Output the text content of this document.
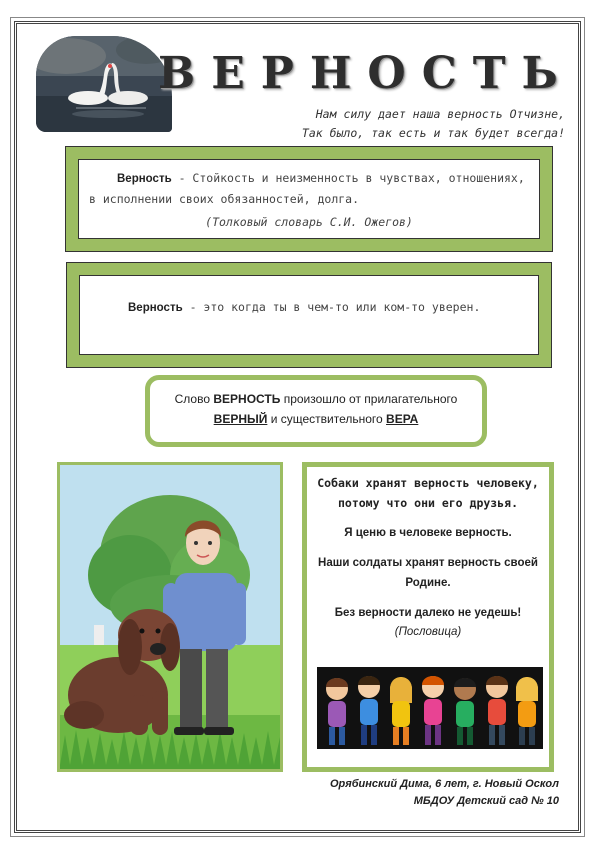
ВЕРНОСТЬ
Нам силу дает наша верность Отчизне,
Так было, так есть и так будет всегда!
Верность - Стойкость и неизменность в чувствах, отношениях, в исполнении своих обязанностей, долга.
(Толковый словарь С.И. Ожегов)
Верность - это когда ты в чем-то или ком-то уверен.
Слово ВЕРНОСТЬ произошло от прилагательного
ВЕРНЫЙ и существительного ВЕРА
Собаки хранят верность человеку, потому что они его друзья.
Я ценю в человеке верность.
Наши солдаты хранят верность своей Родине.
Без верности далеко не уедешь!
(Пословица)
Орябинский Дима, 6 лет, г. Новый Оскол
МБДОУ Детский сад № 10
